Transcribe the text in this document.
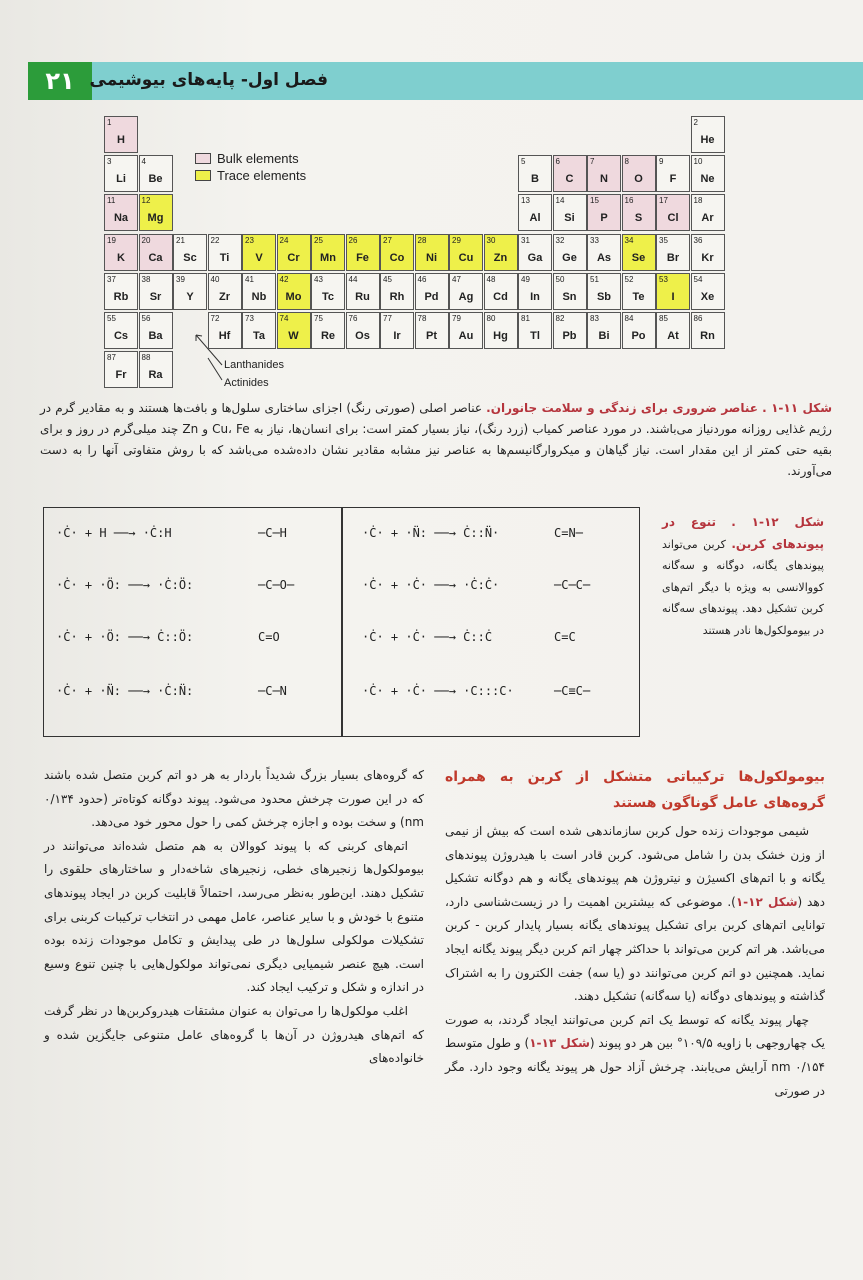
۲۱ فصل اول- پایه‌های بیوشیمی
Bulk elements
Trace elements
Lanthanides
Actinides
1
H
2
He
3
Li
4
Be
5
B
6
C
7
N
8
O
9
F
10
Ne
11
Na
12
Mg
13
Al
14
Si
15
P
16
S
17
Cl
18
Ar
19
K
20
Ca
21
Sc
22
Ti
23
V
24
Cr
25
Mn
26
Fe
27
Co
28
Ni
29
Cu
30
Zn
31
Ga
32
Ge
33
As
34
Se
35
Br
36
Kr
37
Rb
38
Sr
39
Y
40
Zr
41
Nb
42
Mo
43
Tc
44
Ru
45
Rh
46
Pd
47
Ag
48
Cd
49
In
50
Sn
51
Sb
52
Te
53
I
54
Xe
55
Cs
56
Ba
72
Hf
73
Ta
74
W
75
Re
76
Os
77
Ir
78
Pt
79
Au
80
Hg
81
Tl
82
Pb
83
Bi
84
Po
85
At
86
Rn
87
Fr
88
Ra
شکل ۱۱-۱ . عناصر ضروری برای زندگی و سلامت جانوران. عناصر اصلی (صورتی رنگ) اجزای ساختاری سلول‌ها و بافت‌ها هستند و به مقادیر گرم در رژیم غذایی روزانه موردنیاز می‌باشند. در مورد عناصر کمیاب (زرد رنگ)، نیاز بسیار کمتر است: برای انسان‌ها، نیاز به Cu، Fe و Zn چند میلی‌گرم در روز و برای بقیه حتی کمتر از این مقدار است. نیاز گیاهان و میکروارگانیسم‌ها به عناصر نیز مشابه مقادیر نشان داده‌شده می‌باشد که با روش متفاوتی آنها را به دست می‌آورند.
·Ċ· + H ──→ ·Ċ:H	─C─H
·Ċ· + ·Ö: ──→ ·Ċ:Ö:	─C─O─
·Ċ· + ·Ö: ──→ Ċ::Ö:	C=O
·Ċ· + ·N̈: ──→ ·Ċ:N̈:	─C─N
·Ċ· + ·N̈: ──→ Ċ::N̈·	C=N─
·Ċ· + ·Ċ· ──→ ·Ċ:Ċ·	─C─C─
·Ċ· + ·Ċ· ──→ Ċ::Ċ	C=C
·Ċ· + ·Ċ· ──→ ·C:::C·	─C≡C─
شکل ۱۲-۱ . تنوع در پیوندهای کربن. کربن می‌تواند پیوندهای یگانه، دوگانه و سه‌گانه کووالانسی به ویژه با دیگر اتم‌های کربن تشکیل دهد. پیوندهای سه‌گانه در بیومولکول‌ها نادر هستند
بیومولکول‌ها ترکیباتی متشکل از کربن به همراه گروه‌های عامل گوناگون هستند

شیمی موجودات زنده حول کربن سازماندهی شده است که بیش از نیمی از وزن خشک بدن را شامل می‌شود. کربن قادر است با هیدروژن پیوندهای یگانه و با اتم‌های اکسیژن و نیتروژن هم پیوندهای یگانه و هم دوگانه تشکیل دهد (شکل ۱۲-۱). موضوعی که بیشترین اهمیت را در زیست‌شناسی دارد، توانایی اتم‌های کربن برای تشکیل پیوندهای یگانه بسیار پایدار کربن - کربن می‌باشد. هر اتم کربن می‌تواند با حداکثر چهار اتم کربن دیگر پیوند یگانه ایجاد نماید. همچنین دو اتم کربن می‌توانند دو (یا سه) جفت الکترون را به اشتراک گذاشته و پیوندهای دوگانه (یا سه‌گانه) تشکیل دهند.

چهار پیوند یگانه که توسط یک اتم کربن می‌توانند ایجاد گردند، به صورت یک چهاروجهی با زاویه ۱۰۹/۵° بین هر دو پیوند (شکل ۱۳-۱) و طول متوسط ۰/۱۵۴ nm آرایش می‌یابند. چرخش آزاد حول هر پیوند یگانه وجود دارد. مگر در صورتی

که گروه‌های بسیار بزرگ شدیداً باردار به هر دو اتم کربن متصل شده باشند که در این صورت چرخش محدود می‌شود. پیوند دوگانه کوتاه‌تر (حدود ۰/۱۳۴ nm) و سخت بوده و اجازه چرخش کمی را حول محور خود می‌دهد.

اتم‌های کربنی که با پیوند کووالان به هم متصل شده‌اند می‌توانند در بیومولکول‌ها زنجیرهای خطی، زنجیرهای شاخه‌دار و ساختارهای حلقوی را تشکیل دهند. این‌طور به‌نظر می‌رسد، احتمالاً قابلیت کربن در ایجاد پیوندهای متنوع با خودش و با سایر عناصر، عامل مهمی در انتخاب ترکیبات کربنی برای تشکیلات مولکولی سلول‌ها در طی پیدایش و تکامل موجودات زنده بوده است. هیچ عنصر شیمیایی دیگری نمی‌تواند مولکول‌هایی با چنین تنوع وسیع در اندازه و شکل و ترکیب ایجاد کند.

اغلب مولکول‌ها را می‌توان به عنوان مشتقات هیدروکربن‌ها در نظر گرفت که اتم‌های هیدروژن در آن‌ها با گروه‌های عامل متنوعی جایگزین شده و خانواده‌های
